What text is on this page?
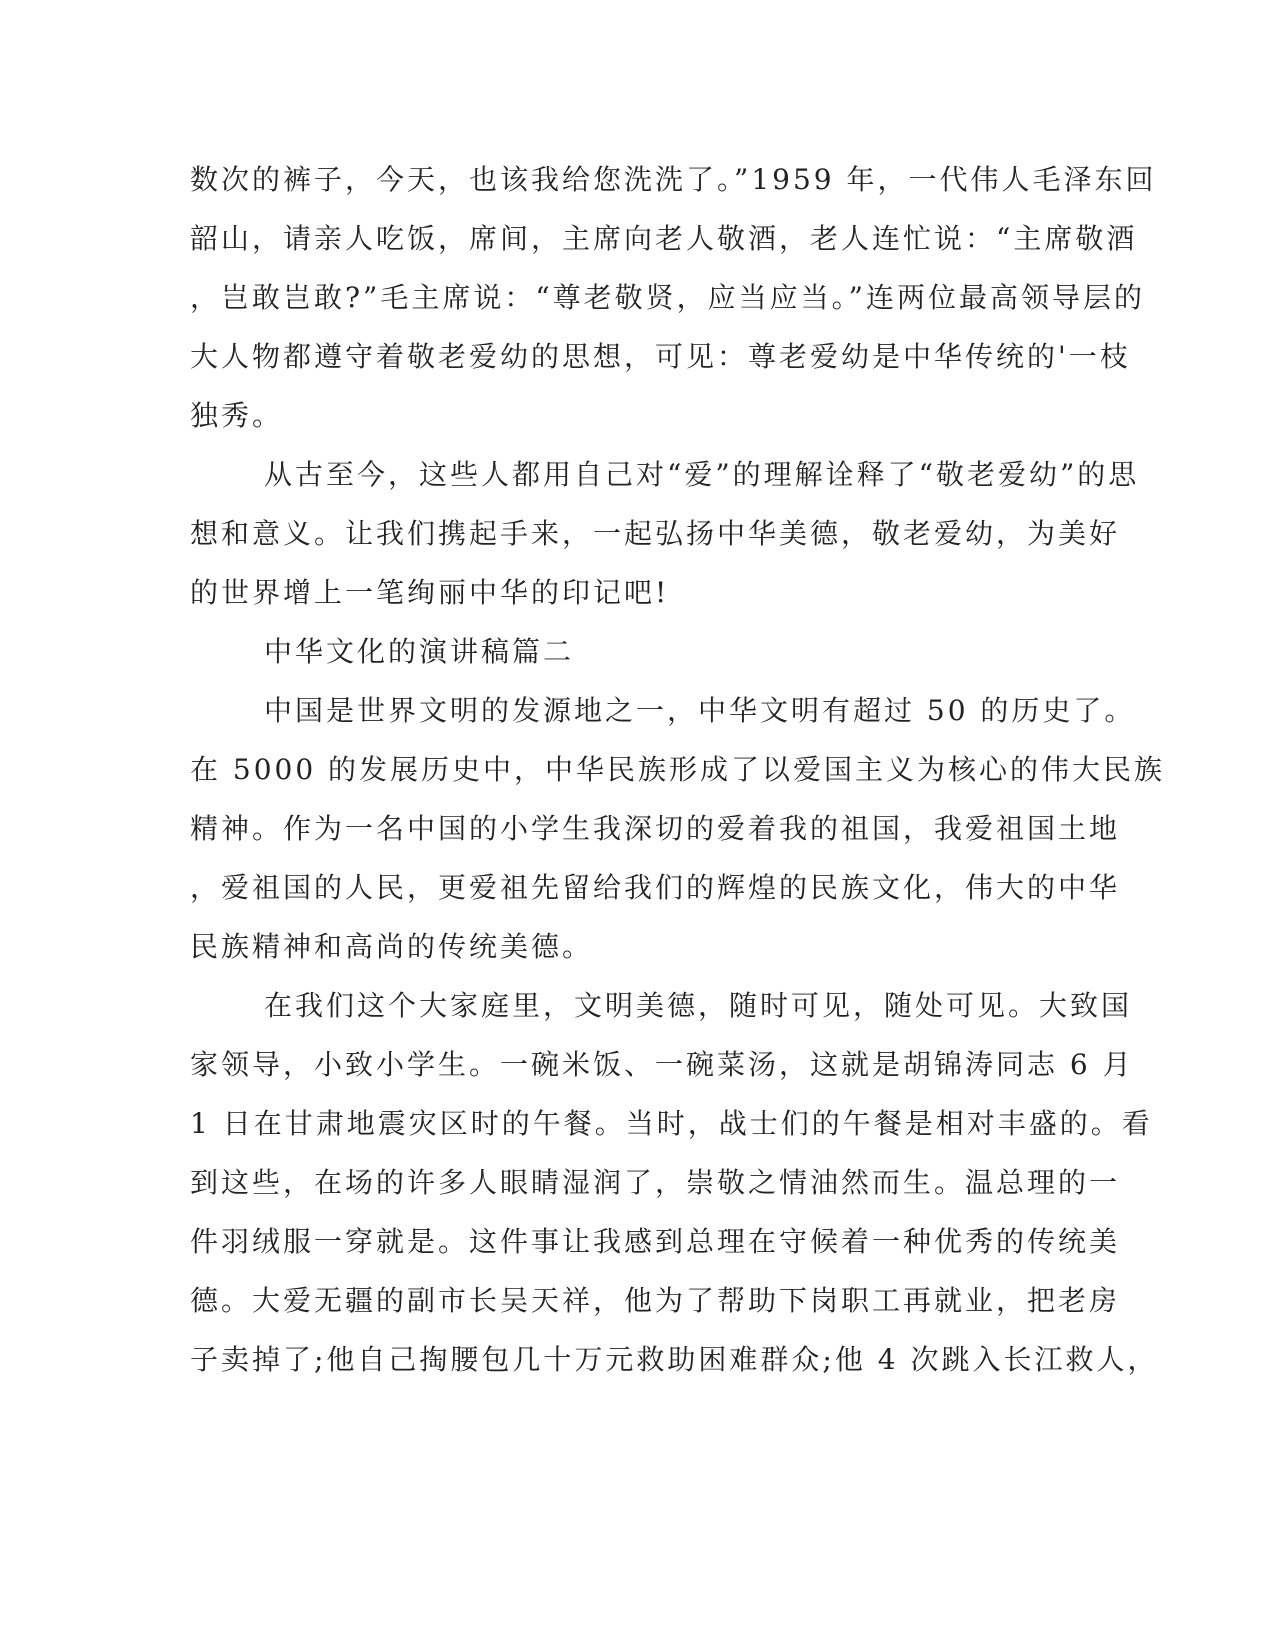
数次的裤子，今天，也该我给您洗洗了。”1959 年，一代伟人毛泽东回
韶山，请亲人吃饭，席间，主席向老人敬酒，老人连忙说：“主席敬酒
，岂敢岂敢?”毛主席说：“尊老敬贤，应当应当。”连两位最高领导层的
大人物都遵守着敬老爱幼的思想，可见：尊老爱幼是中华传统的'一枝
独秀。
从古至今，这些人都用自己对“爱”的理解诠释了“敬老爱幼”的思
想和意义。让我们携起手来，一起弘扬中华美德，敬老爱幼，为美好
的世界增上一笔绚丽中华的印记吧!
中华文化的演讲稿篇二
中国是世界文明的发源地之一，中华文明有超过 50 的历史了。
在 5000 的发展历史中，中华民族形成了以爱国主义为核心的伟大民族
精神。作为一名中国的小学生我深切的爱着我的祖国，我爱祖国土地
，爱祖国的人民，更爱祖先留给我们的辉煌的民族文化，伟大的中华
民族精神和高尚的传统美德。
在我们这个大家庭里，文明美德，随时可见，随处可见。大致国
家领导，小致小学生。一碗米饭、一碗菜汤，这就是胡锦涛同志 6 月
1 日在甘肃地震灾区时的午餐。当时，战士们的午餐是相对丰盛的。看
到这些，在场的许多人眼睛湿润了，崇敬之情油然而生。温总理的一
件羽绒服一穿就是。这件事让我感到总理在守候着一种优秀的传统美
德。大爱无疆的副市长吴天祥，他为了帮助下岗职工再就业，把老房
子卖掉了;他自己掏腰包几十万元救助困难群众;他 4 次跳入长江救人，
